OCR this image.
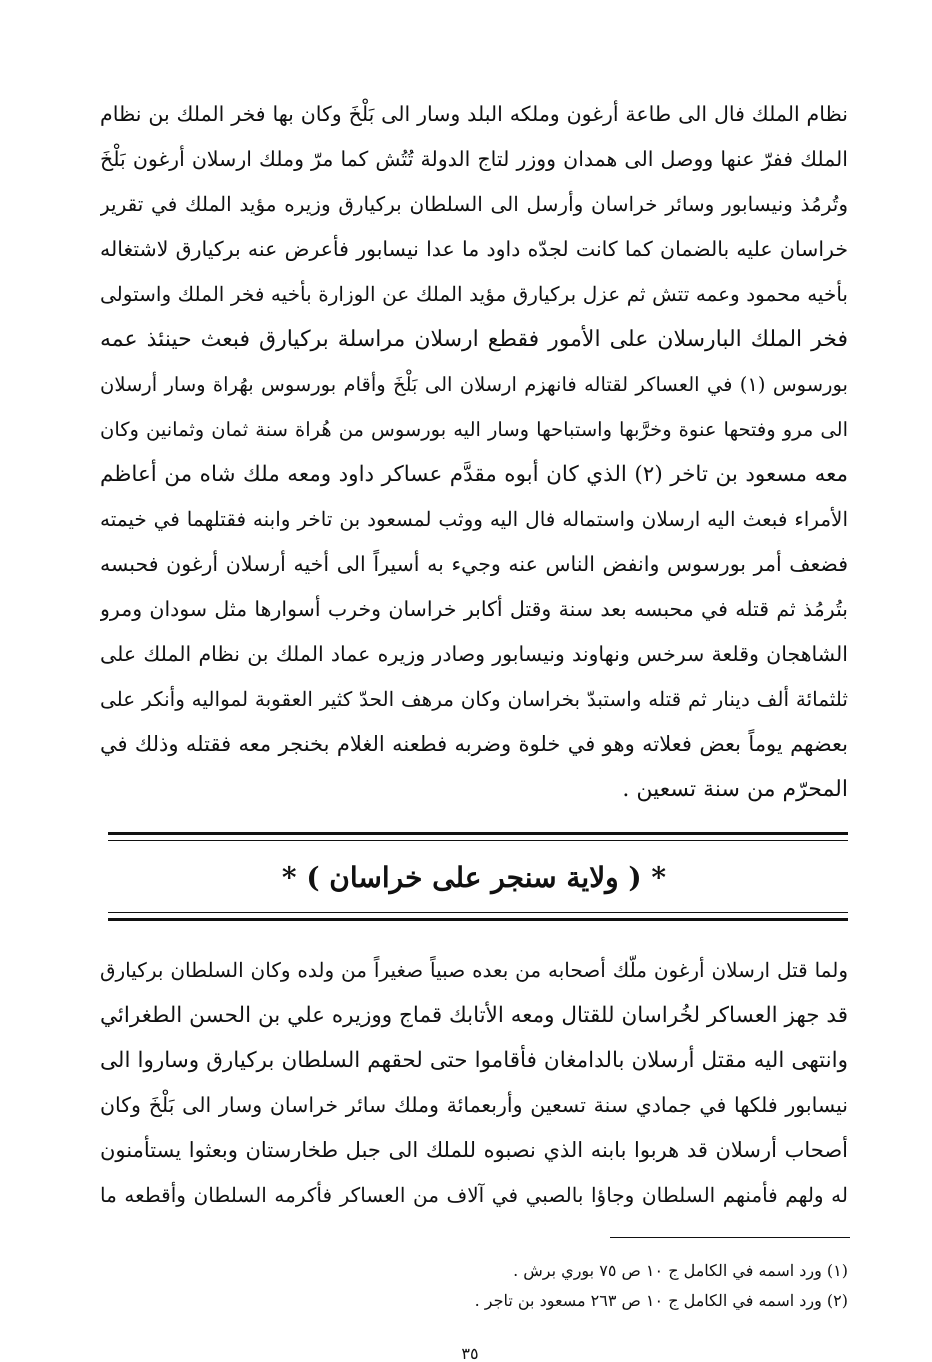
نظام الملك فال الى طاعة أرغون وملكه البلد وسار الى بَلْخَ وكان بها فخر الملك بن نظام
الملك ففرّ عنها ووصل الى همدان ووزر لتاج الدولة تُتُش كما مرّ وملك ارسلان أرغون بَلْخَ
وتُرمُذ ونيسابور وسائر خراسان وأرسل الى السلطان بركيارق وزيره مؤيد الملك في تقرير
خراسان عليه بالضمان كما كانت لجدّه داود ما عدا نيسابور فأعرض عنه بركيارق لاشتغاله
بأخيه محمود وعمه تتش ثم عزل بركيارق مؤيد الملك عن الوزارة بأخيه فخر الملك واستولى
فخر الملك البارسلان على الأمور فقطع ارسلان مراسلة بركيارق فبعث حينئذ عمه
بورسوس (١) في العساكر لقتاله فانهزم ارسلان الى بَلْخَ وأقام بورسوس بهُراة وسار أرسلان
الى مرو وفتحها عنوة وخرَّبها واستباحها وسار اليه بورسوس من هُراة سنة ثمان وثمانين وكان
معه مسعود بن تاخر (٢) الذي كان أبوه مقدَّم عساكر داود ومعه ملك شاه من أعاظم
الأمراء فبعث اليه ارسلان واستماله فال اليه ووثب لمسعود بن تاخر وابنه فقتلهما في خيمته
فضعف أمر بورسوس وانفض الناس عنه وجيء به أسيراً الى أخيه أرسلان أرغون فحبسه
بتُرمُذ ثم قتله في محبسه بعد سنة وقتل أكابر خراسان وخرب أسوارها مثل سودان ومرو
الشاهجان وقلعة سرخس ونهاوند ونيسابور وصادر وزيره عماد الملك بن نظام الملك على
ثلثمائة ألف دينار ثم قتله واستبدّ بخراسان وكان مرهف الحدّ كثير العقوبة لمواليه وأنكر على
بعضهم يوماً بعض فعلاته وهو في خلوة وضربه فطعنه الغلام بخنجر معه فقتله وذلك في
المحرّم من سنة تسعين .
* ( ولاية سنجر على خراسان ) *
ولما قتل ارسلان أرغون ملّك أصحابه من بعده صبياً صغيراً من ولده وكان السلطان بركيارق
قد جهز العساكر لخُراسان للقتال ومعه الأتابك قماج ووزيره علي بن الحسن الطغرائي
وانتهى اليه مقتل أرسلان بالدامغان فأقاموا حتى لحقهم السلطان بركيارق وساروا الى
نيسابور فلكها في جمادي سنة تسعين وأربعمائة وملك سائر خراسان وسار الى بَلْخَ وكان
أصحاب أرسلان قد هربوا بابنه الذي نصبوه للملك الى جبل طخارستان وبعثوا يستأمنون
له ولهم فأمنهم السلطان وجاؤا بالصبي في آلاف من العساكر فأكرمه السلطان وأقطعه ما
(١) ورد اسمه في الكامل ج ١٠ ص ٧٥ بوري برش .
(٢) ورد اسمه في الكامل ج ١٠ ص ٢٦٣ مسعود بن تاجر .
٣٥
